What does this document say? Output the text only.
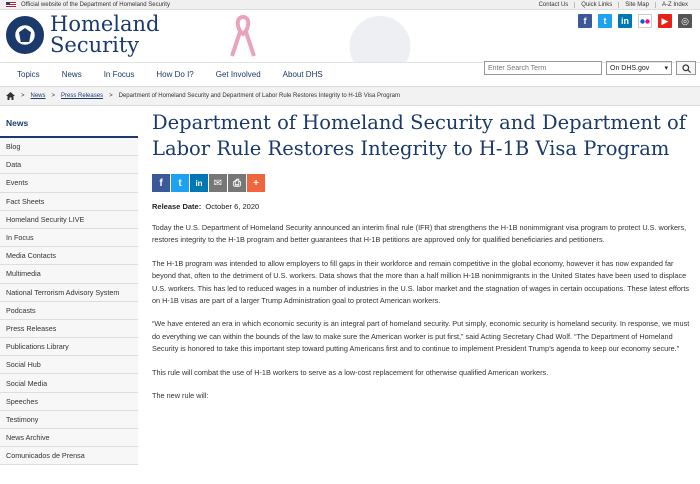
Official website of the Department of Homeland Security	Contact Us	Quick Links	Site Map	A-Z Index
Homeland
Security
f	t	in	▶	◎
Topics	News	In Focus	How Do I?	Get Involved	About DHS
Enter Search Term
On DHS.gov ▾
> News > Press Releases > Department of Homeland Security and Department of Labor Rule Restores Integrity to H-1B Visa Program
News
Blog
Data
Events
Fact Sheets
Homeland Security LIVE
In Focus
Media Contacts
Multimedia
National Terrorism Advisory System
Podcasts
Press Releases
Publications Library
Social Hub
Social Media
Speeches
Testimony
News Archive
Comunicados de Prensa
Department of Homeland Security and Department of Labor Rule Restores Integrity to H-1B Visa Program
f	t	in	✉	⎙	+
Release Date: October 6, 2020

Today the U.S. Department of Homeland Security announced an interim final rule (IFR) that strengthens the H-1B nonimmigrant visa program to protect U.S. workers, restores integrity to the H-1B program and better guarantees that H-1B petitions are approved only for qualified beneficiaries and petitioners.

The H-1B program was intended to allow employers to fill gaps in their workforce and remain competitive in the global economy, however it has now expanded far beyond that, often to the detriment of U.S. workers. Data shows that the more than a half million H-1B nonimmigrants in the United States have been used to displace U.S. workers. This has led to reduced wages in a number of industries in the U.S. labor market and the stagnation of wages in certain occupations. These latest efforts on H-1B visas are part of a larger Trump Administration goal to protect American workers.

“We have entered an era in which economic security is an integral part of homeland security. Put simply, economic security is homeland security. In response, we must do everything we can within the bounds of the law to make sure the American worker is put first,” said Acting Secretary Chad Wolf. “The Department of Homeland Security is honored to take this important step toward putting Americans first and to continue to implement President Trump’s agenda to keep our economy secure.”

This rule will combat the use of H-1B workers to serve as a low-cost replacement for otherwise qualified American workers.

The new rule will:
